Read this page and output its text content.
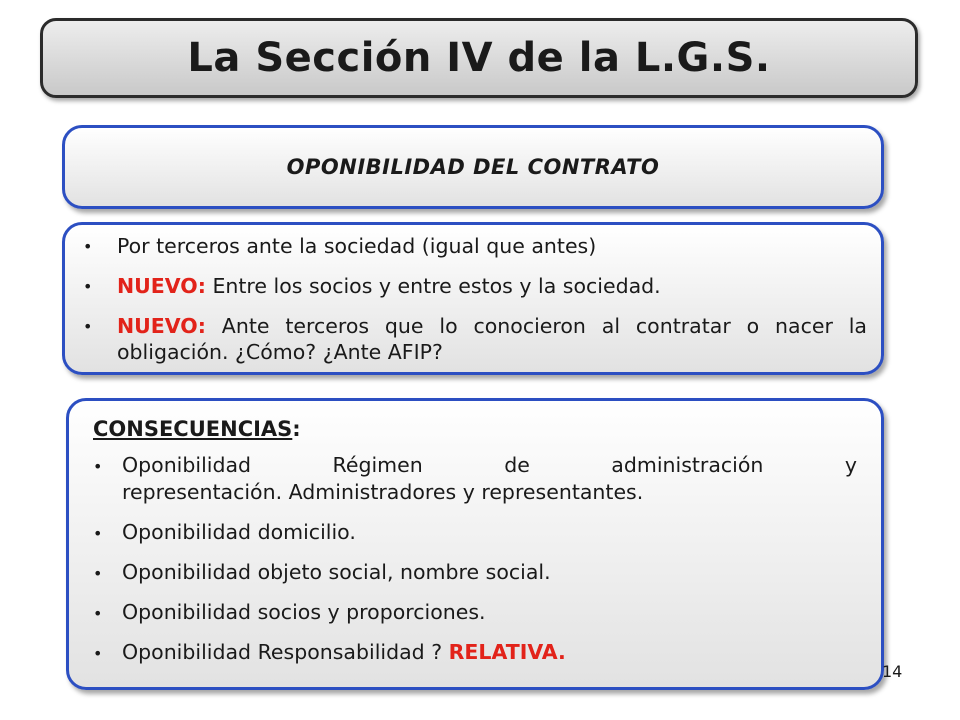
La Sección IV de la L.G.S.
OPONIBILIDAD DEL CONTRATO
• Por terceros ante la sociedad (igual que antes)
• NUEVO: Entre los socios y entre estos y la sociedad.
• NUEVO: Ante terceros que lo conocieron al contratar o nacer la obligación. ¿Cómo? ¿Ante AFIP?
CONSECUENCIAS:
• Oponibilidad Régimen de administración y
representación. Administradores y representantes.
• Oponibilidad domicilio.
• Oponibilidad objeto social, nombre social.
• Oponibilidad socios y proporciones.
• Oponibilidad Responsabilidad ? RELATIVA.
14
